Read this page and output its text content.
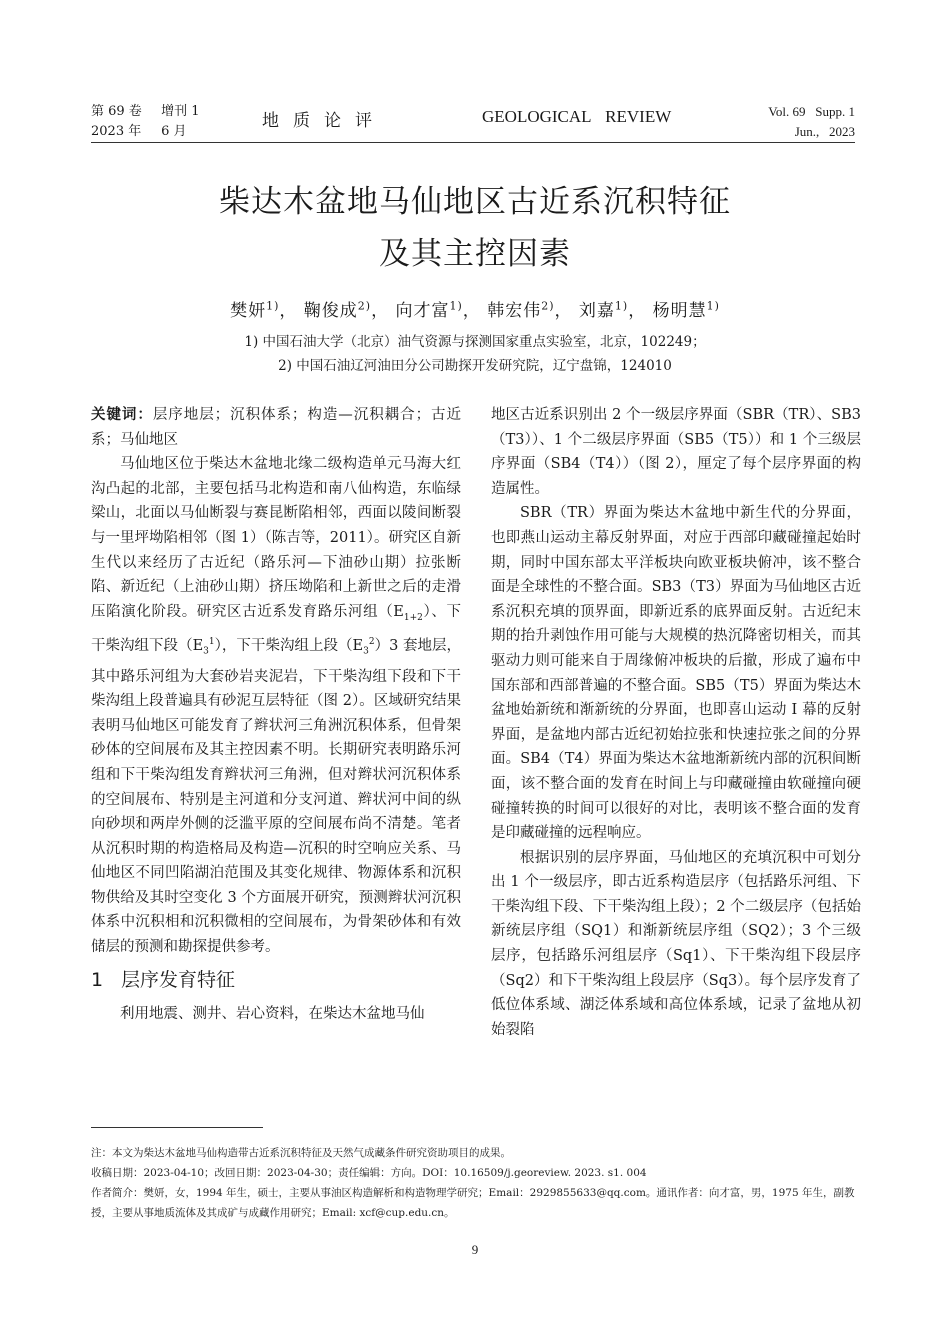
第 69 卷 增刊 1
2023 年 6 月
地质论评	GEOLOGICAL REVIEW	Vol. 69   Supp. 1
Jun.,   2023
柴达木盆地马仙地区古近系沉积特征
及其主控因素
樊妍$^{1)}$， 鞠俊成$^{2)}$， 向才富$^{1)}$， 韩宏伟$^{2)}$， 刘嘉$^{1)}$， 杨明慧$^{1)}$
1) 中国石油大学（北京）油气资源与探测国家重点实验室，北京，102249；
2) 中国石油辽河油田分公司勘探开发研究院，辽宁盘锦，124010

关键词：层序地层；沉积体系；构造—沉积耦合；古近系；马仙地区

马仙地区位于柴达木盆地北缘二级构造单元马海大红沟凸起的北部，主要包括马北构造和南八仙构造，东临绿梁山，北面以马仙断裂与赛昆断陷相邻，西面以陵间断裂与一里坪坳陷相邻（图 1）（陈吉等，2011）。研究区自新生代以来经历了古近纪（路乐河—下油砂山期）拉张断陷、新近纪（上油砂山期）挤压坳陷和上新世之后的走滑压陷演化阶段。研究区古近系发育路乐河组$(E_{1+2})$、下干柴沟组下段$(E_3^1)$，下干柴沟组上段$(E_3^2)3$ 套地层，其中路乐河组为大套砂岩夹泥岩，下干柴沟组下段和下干柴沟组上段普遍具有砂泥互层特征（图 2）。区域研究结果表明马仙地区可能发育了辫状河三角洲沉积体系，但骨架砂体的空间展布及其主控因素不明。长期研究表明路乐河组和下干柴沟组发育辫状河三角洲，但对辫状河沉积体系的空间展布、特别是主河道和分支河道、辫状河中间的纵向砂坝和两岸外侧的泛滥平原的空间展布尚不清楚。笔者从沉积时期的构造格局及构造—沉积的时空响应关系、马仙地区不同凹陷湖泊范围及其变化规律、物源体系和沉积物供给及其时空变化 3 个方面展开研究，预测辫状河沉积体系中沉积相和沉积微相的空间展布，为骨架砂体和有效储层的预测和勘探提供参考。

1 层序发育特征

利用地震、测井、岩心资料，在柴达木盆地马仙

地区古近系识别出 2 个一级层序界面（SBR（TR）、SB3（T3））、1 个二级层序界面（SB5（T5））和 1 个三级层序界面（SB4（T4））（图 2），厘定了每个层序界面的构造属性。

SBR（TR）界面为柴达木盆地中新生代的分界面，也即燕山运动主幕反射界面，对应于西部印藏碰撞起始时期，同时中国东部太平洋板块向欧亚板块俯冲，该不整合面是全球性的不整合面。SB3（T3）界面为马仙地区古近系沉积充填的顶界面，即新近系的底界面反射。古近纪末期的抬升剥蚀作用可能与大规模的热沉降密切相关，而其驱动力则可能来自于周缘俯冲板块的后撤，形成了遍布中国东部和西部普遍的不整合面。SB5（T5）界面为柴达木盆地始新统和渐新统的分界面，也即喜山运动 I 幕的反射界面，是盆地内部古近纪初始拉张和快速拉张之间的分界面。SB4（T4）界面为柴达木盆地渐新统内部的沉积间断面，该不整合面的发育在时间上与印藏碰撞由软碰撞向硬碰撞转换的时间可以很好的对比，表明该不整合面的发育是印藏碰撞的远程响应。

根据识别的层序界面，马仙地区的充填沉积中可划分出 1 个一级层序，即古近系构造层序（包括路乐河组、下干柴沟组下段、下干柴沟组上段）；2 个二级层序（包括始新统层序组（SQ1）和渐新统层序组（SQ2）；3 个三级层序，包括路乐河组层序（Sq1）、下干柴沟组下段层序（Sq2）和下干柴沟组上段层序（Sq3）。每个层序发育了低位体系域、湖泛体系域和高位体系域，记录了盆地从初始裂陷

注：本文为柴达木盆地马仙构造带古近系沉积特征及天然气成藏条件研究资助项目的成果。

收稿日期：2023-04-10；改回日期：2023-04-30；责任编辑：方向。DOI：10.16509/j.georeview. 2023. s1. 004

作者简介：樊妍，女，1994 年生，硕士，主要从事油区构造解析和构造物理学研究；Email：2929855633@qq.com。通讯作者：向才富，男，1975 年生，副教授，主要从事地质流体及其成矿与成藏作用研究；Email: xcf@cup.edu.cn。

9
